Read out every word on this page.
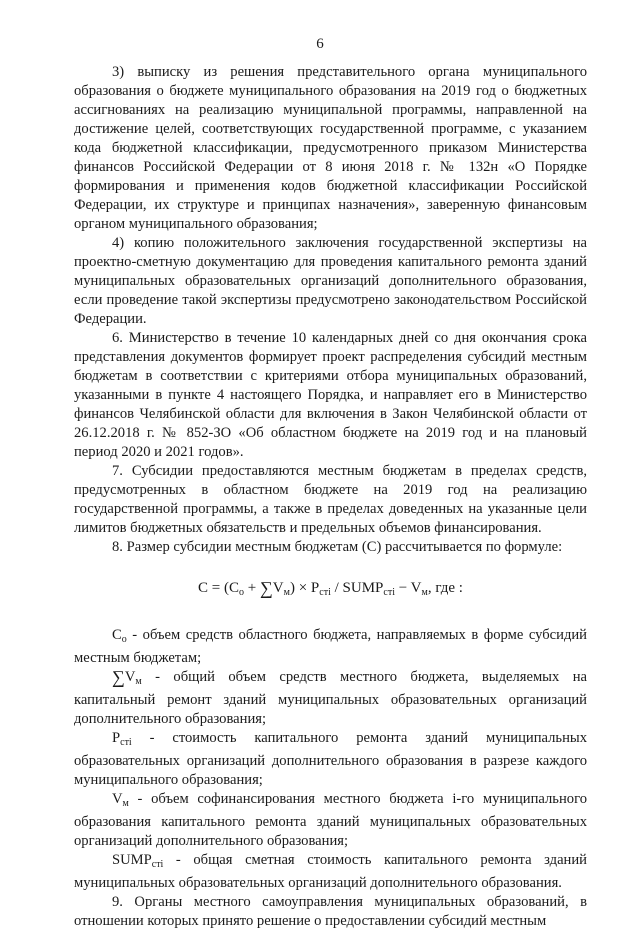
6

3) выписку из решения представительного органа муниципального образования о бюджете муниципального образования на 2019 год о бюджетных ассигнованиях на реализацию муниципальной программы, направленной на достижение целей, соответствующих государственной программе, с указанием кода бюджетной классификации, предусмотренного приказом Министерства финансов Российской Федерации от 8 июня 2018 г. № 132н «О Порядке формирования и применения кодов бюджетной классификации Российской Федерации, их структуре и принципах назначения», заверенную финансовым органом муниципального образования;

4) копию положительного заключения государственной экспертизы на проектно-сметную документацию для проведения капитального ремонта зданий муниципальных образовательных организаций дополнительного образования, если проведение такой экспертизы предусмотрено законодательством Российской Федерации.

6. Министерство в течение 10 календарных дней со дня окончания срока представления документов формирует проект распределения субсидий местным бюджетам в соответствии с критериями отбора муниципальных образований, указанными в пункте 4 настоящего Порядка, и направляет его в Министерство финансов Челябинской области для включения в Закон Челябинской области от 26.12.2018 г. № 852-ЗО «Об областном бюджете на 2019 год и на плановый период 2020 и 2021 годов».

7. Субсидии предоставляются местным бюджетам в пределах средств, предусмотренных в областном бюджете на 2019 год на реализацию государственной программы, а также в пределах доведенных на указанные цели лимитов бюджетных обязательств и предельных объемов финансирования.

8. Размер субсидии местным бюджетам (С) рассчитывается по формуле:

$C = (C_о + \sum V_м) \times P_{cтi}$ / $SUMP_{cтi} - V_м$, где :

$С_о$ - объем средств областного бюджета, направляемых в форме субсидий местным бюджетам;

$\sum V_м$ - общий объем средств местного бюджета, выделяемых на капитальный ремонт зданий муниципальных образовательных организаций дополнительного образования;

$P_{cтi}$ - стоимость капитального ремонта зданий муниципальных образовательных организаций дополнительного образования в разрезе каждого муниципального образования;

$V_м$ - объем софинансирования местного бюджета i-го муниципального образования капитального ремонта зданий муниципальных образовательных организаций дополнительного образования;

$SUMP_{cтi}$ - общая сметная стоимость капитального ремонта зданий муниципальных образовательных организаций дополнительного образования.

9. Органы местного самоуправления муниципальных образований, в отношении которых принято решение о предоставлении субсидий местным
